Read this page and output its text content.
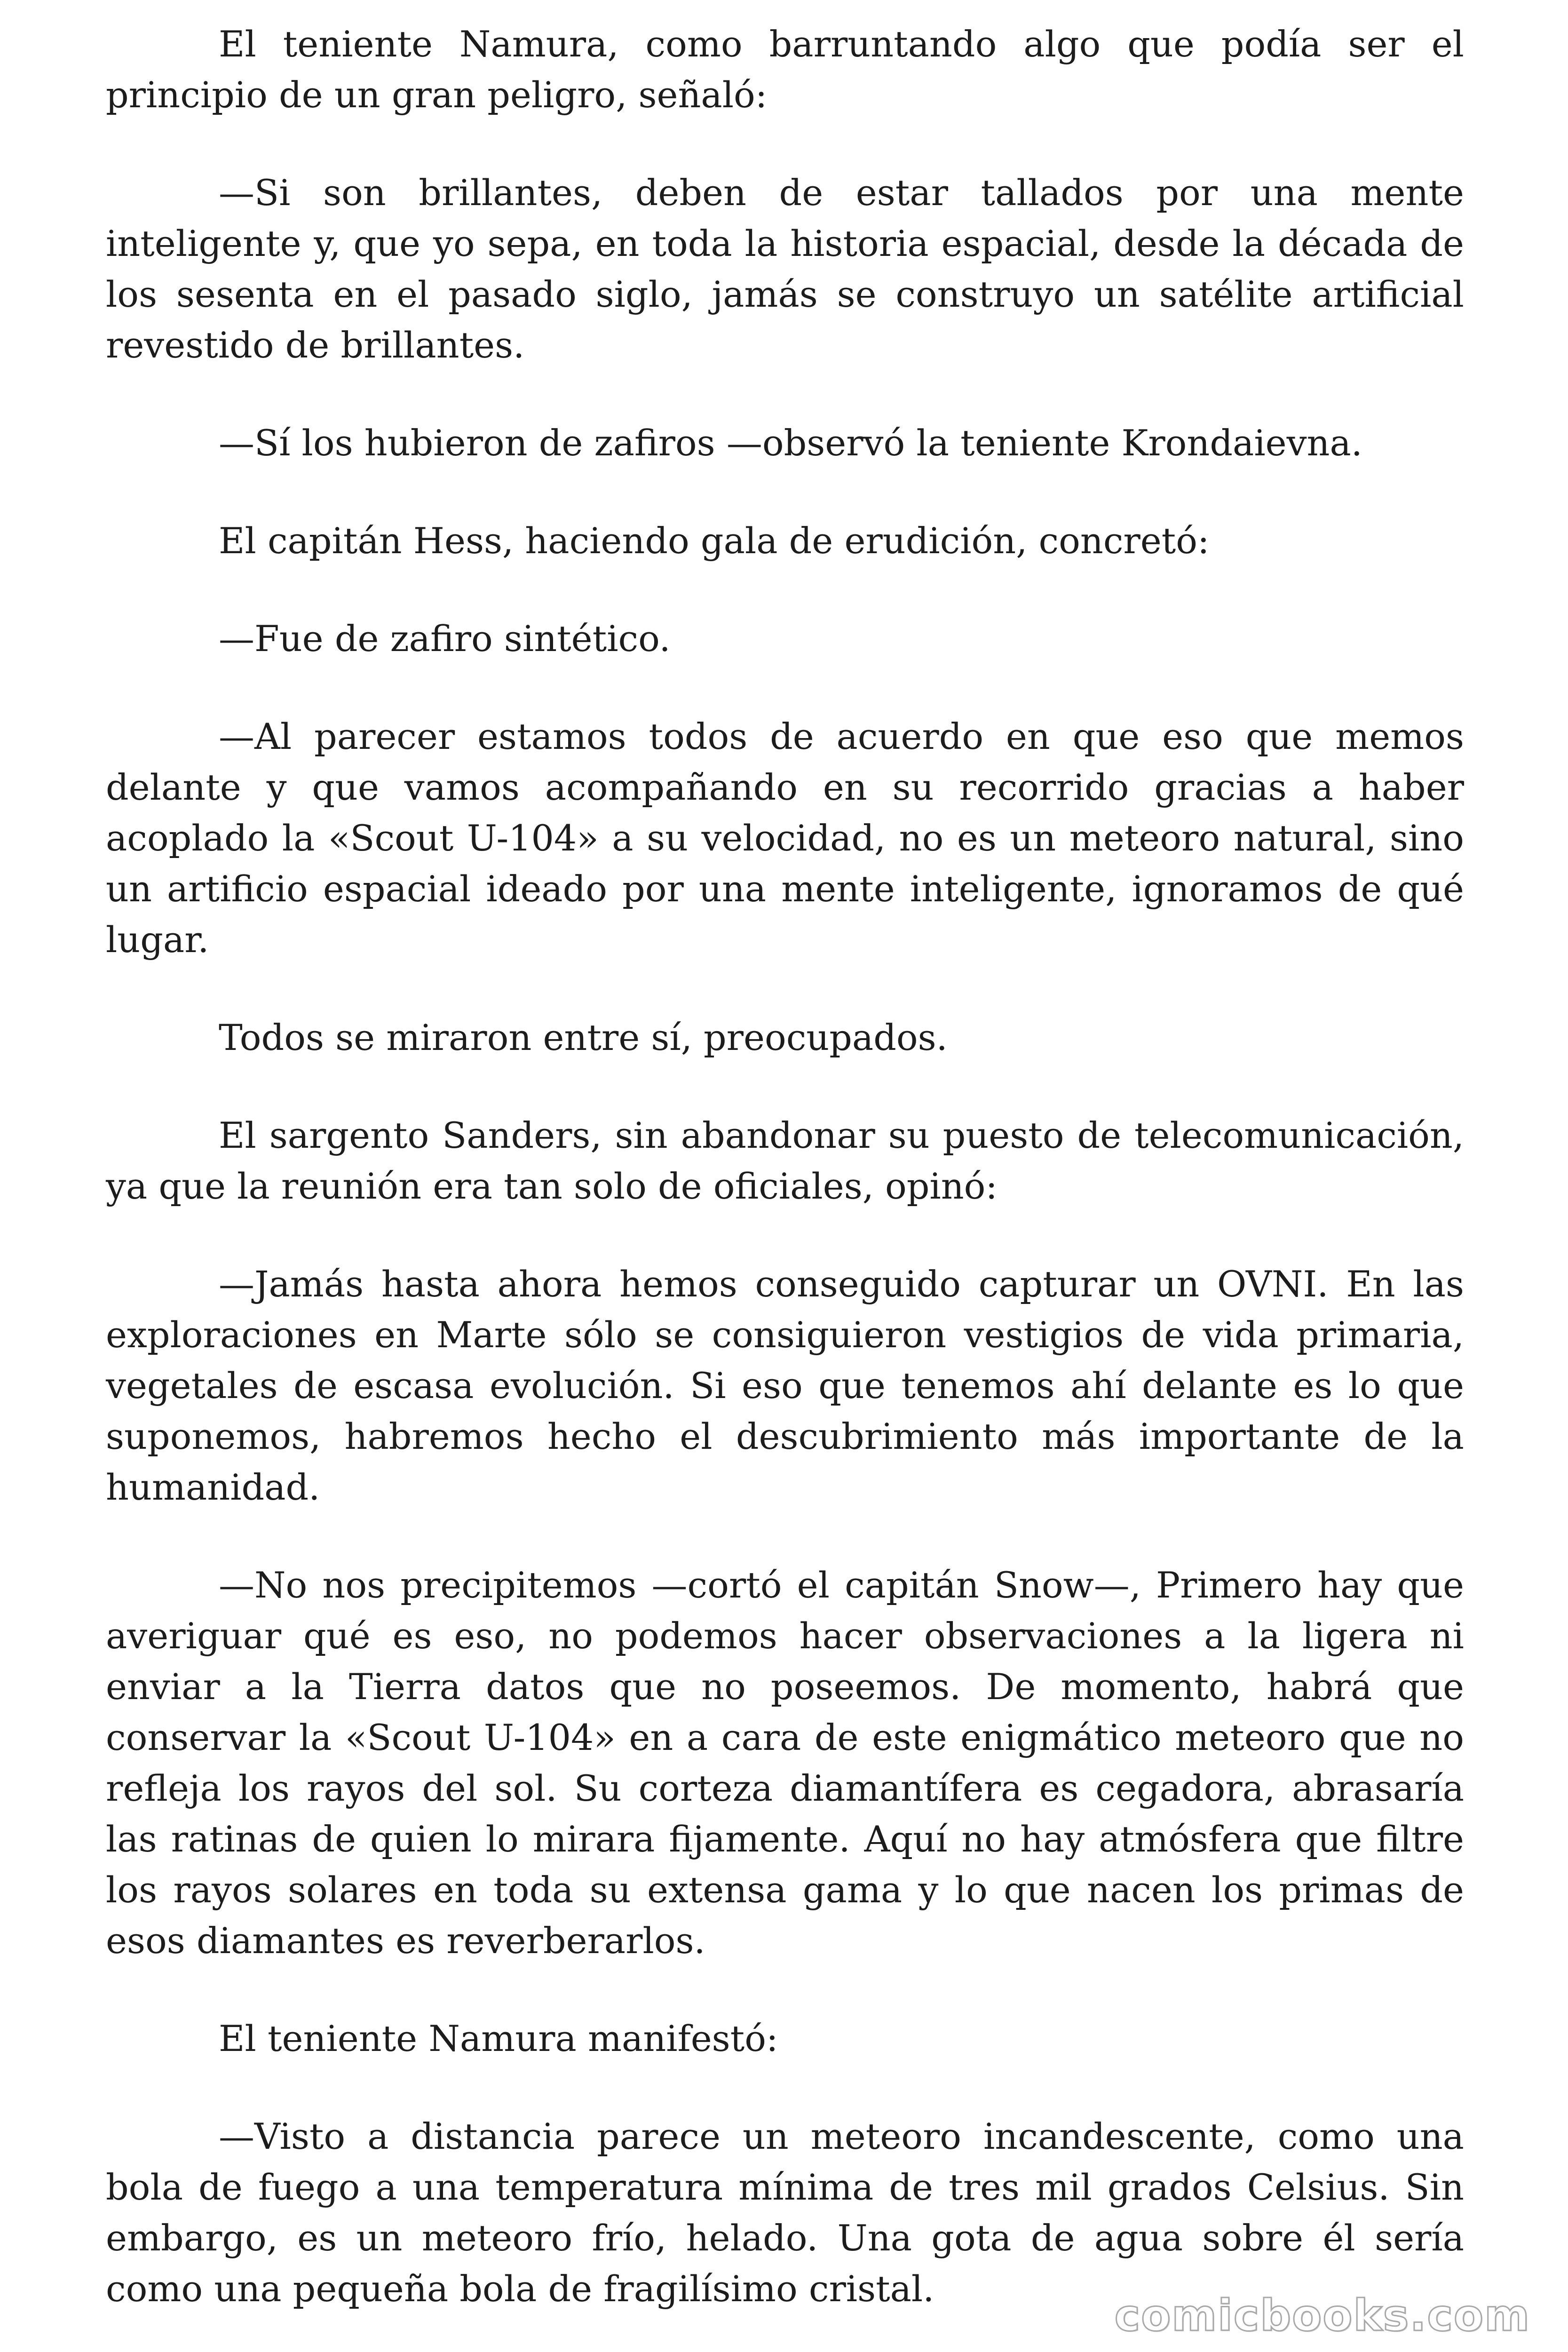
El teniente Namura, como barruntando algo que podía ser el principio de un gran peligro, señaló:

—Si son brillantes, deben de estar tallados por una mente inteligente y, que yo sepa, en toda la historia espacial, desde la década de los sesenta en el pasado siglo, jamás se construyo un satélite artificial revestido de brillantes.

—Sí los hubieron de zafiros —observó la teniente Krondaievna.

El capitán Hess, haciendo gala de erudición, concretó:

—Fue de zafiro sintético.

—Al parecer estamos todos de acuerdo en que eso que memos delante y que vamos acompañando en su recorrido gracias a haber acoplado la «Scout U-104» a su velocidad, no es un meteoro natural, sino un artificio espacial ideado por una mente inteligente, ignoramos de qué lugar.

Todos se miraron entre sí, preocupados.

El sargento Sanders, sin abandonar su puesto de telecomunicación, ya que la reunión era tan solo de oficiales, opinó:

—Jamás hasta ahora hemos conseguido capturar un OVNI. En las exploraciones en Marte sólo se consiguieron vestigios de vida primaria, vegetales de escasa evolución. Si eso que tenemos ahí delante es lo que suponemos, habremos hecho el descubrimiento más importante de la humanidad.

—No nos precipitemos —cortó el capitán Snow—, Primero hay que averiguar qué es eso, no podemos hacer observaciones a la ligera ni enviar a la Tierra datos que no poseemos. De momento, habrá que conservar la «Scout U-104» en a cara de este enigmático meteoro que no refleja los rayos del sol. Su corteza diamantífera es cegadora, abrasaría las ratinas de quien lo mirara fijamente. Aquí no hay atmósfera que filtre los rayos solares en toda su extensa gama y lo que nacen los primas de esos diamantes es reverberarlos.

El teniente Namura manifestó:

—Visto a distancia parece un meteoro incandescente, como una bola de fuego a una temperatura mínima de tres mil grados Celsius. Sin embargo, es un meteoro frío, helado. Una gota de agua sobre él sería como una pequeña bola de fragilísimo cristal.

comicbooks.com
